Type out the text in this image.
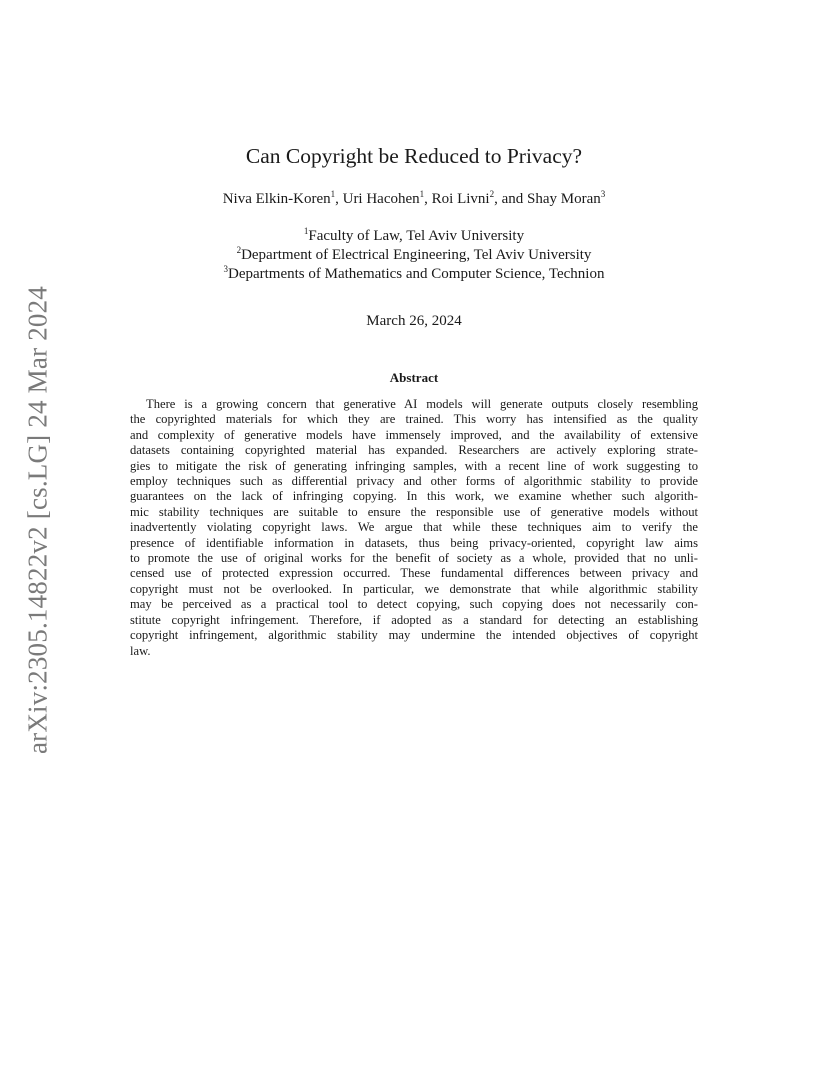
arXiv:2305.14822v2 [cs.LG] 24 Mar 2024
Can Copyright be Reduced to Privacy?
Niva Elkin-Koren$^1$, Uri Hacohen$^1$, Roi Livni$^2$, and Shay Moran$^3$
$^1$Faculty of Law, Tel Aviv University
$^2$Department of Electrical Engineering, Tel Aviv University
$^3$Departments of Mathematics and Computer Science, Technion
March 26, 2024
Abstract
There is a growing concern that generative AI models will generate outputs closely resembling
the copyrighted materials for which they are trained. This worry has intensified as the quality
and complexity of generative models have immensely improved, and the availability of extensive
datasets containing copyrighted material has expanded. Researchers are actively exploring strate-
gies to mitigate the risk of generating infringing samples, with a recent line of work suggesting to
employ techniques such as differential privacy and other forms of algorithmic stability to provide
guarantees on the lack of infringing copying. In this work, we examine whether such algorith-
mic stability techniques are suitable to ensure the responsible use of generative models without
inadvertently violating copyright laws. We argue that while these techniques aim to verify the
presence of identifiable information in datasets, thus being privacy-oriented, copyright law aims
to promote the use of original works for the benefit of society as a whole, provided that no unli-
censed use of protected expression occurred. These fundamental differences between privacy and
copyright must not be overlooked. In particular, we demonstrate that while algorithmic stability
may be perceived as a practical tool to detect copying, such copying does not necessarily con-
stitute copyright infringement. Therefore, if adopted as a standard for detecting an establishing
copyright infringement, algorithmic stability may undermine the intended objectives of copyright
law.
